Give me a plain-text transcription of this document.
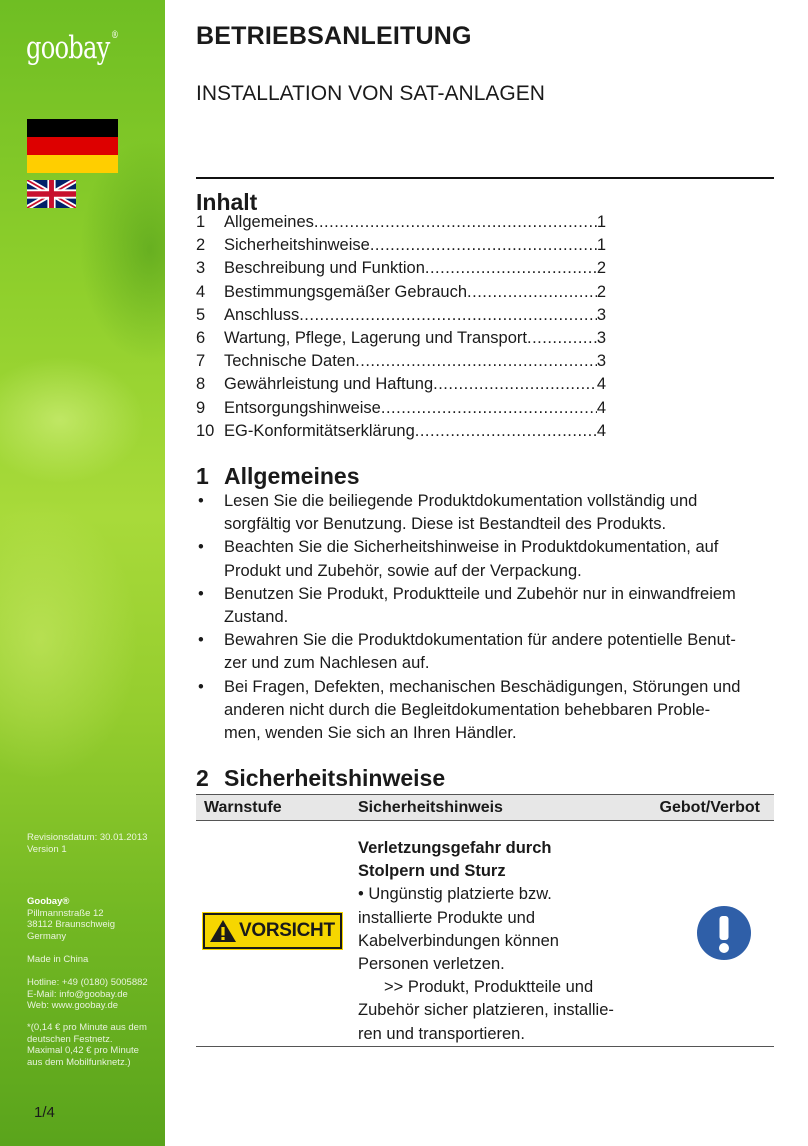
goobay ®
Revisionsdatum: 30.01.2013
Version 1
Goobay®
Pillmannstraße 12
38112 Braunschweig
Germany
Made in China
Hotline: +49 (0180) 5005882
E-Mail: info@goobay.de
Web: www.goobay.de
*(0,14 € pro Minute aus dem
deutschen Festnetz.
Maximal 0,42 € pro Minute
aus dem Mobilfunknetz.)
1/4
BETRIEBSANLEITUNG
INSTALLATION VON SAT-ANLAGEN
Inhalt
1	Allgemeines .....	1
2	Sicherheitshinweise .....	1
3	Beschreibung und Funktion .....	2
4	Bestimmungsgemäßer Gebrauch .....	2
5	Anschluss .....	3
6	Wartung, Pflege, Lagerung und Transport .....	3
7	Technische Daten .....	3
8	Gewährleistung und Haftung .....	4
9	Entsorgungshinweise .....	4
10 EG-Konformitätserklärung .....	4
1 Allgemeines
• Lesen Sie die beiliegende Produktdokumentation vollständig und
sorgfältig vor Benutzung. Diese ist Bestandteil des Produkts.
• Beachten Sie die Sicherheitshinweise in Produktdokumentation, auf
Produkt und Zubehör, sowie auf der Verpackung.
• Benutzen Sie Produkt, Produktteile und Zubehör nur in einwandfreiem
Zustand.
• Bewahren Sie die Produktdokumentation für andere potentielle Benut-
zer und zum Nachlesen auf.
• Bei Fragen, Defekten, mechanischen Beschädigungen, Störungen und
anderen nicht durch die Begleitdokumentation behebbaren Proble-
men, wenden Sie sich an Ihren Händler.
2 Sicherheitshinweise
Warnstufe	Sicherheitshinweis	Gebot/Verbot
VORSICHT
Verletzungsgefahr durch
Stolpern und Sturz
• Ungünstig platzierte bzw.
installierte Produkte und
Kabelverbindungen können
Personen verletzen.
>> Produkt, Produktteile und
Zubehör sicher platzieren, installie-
ren und transportieren.
